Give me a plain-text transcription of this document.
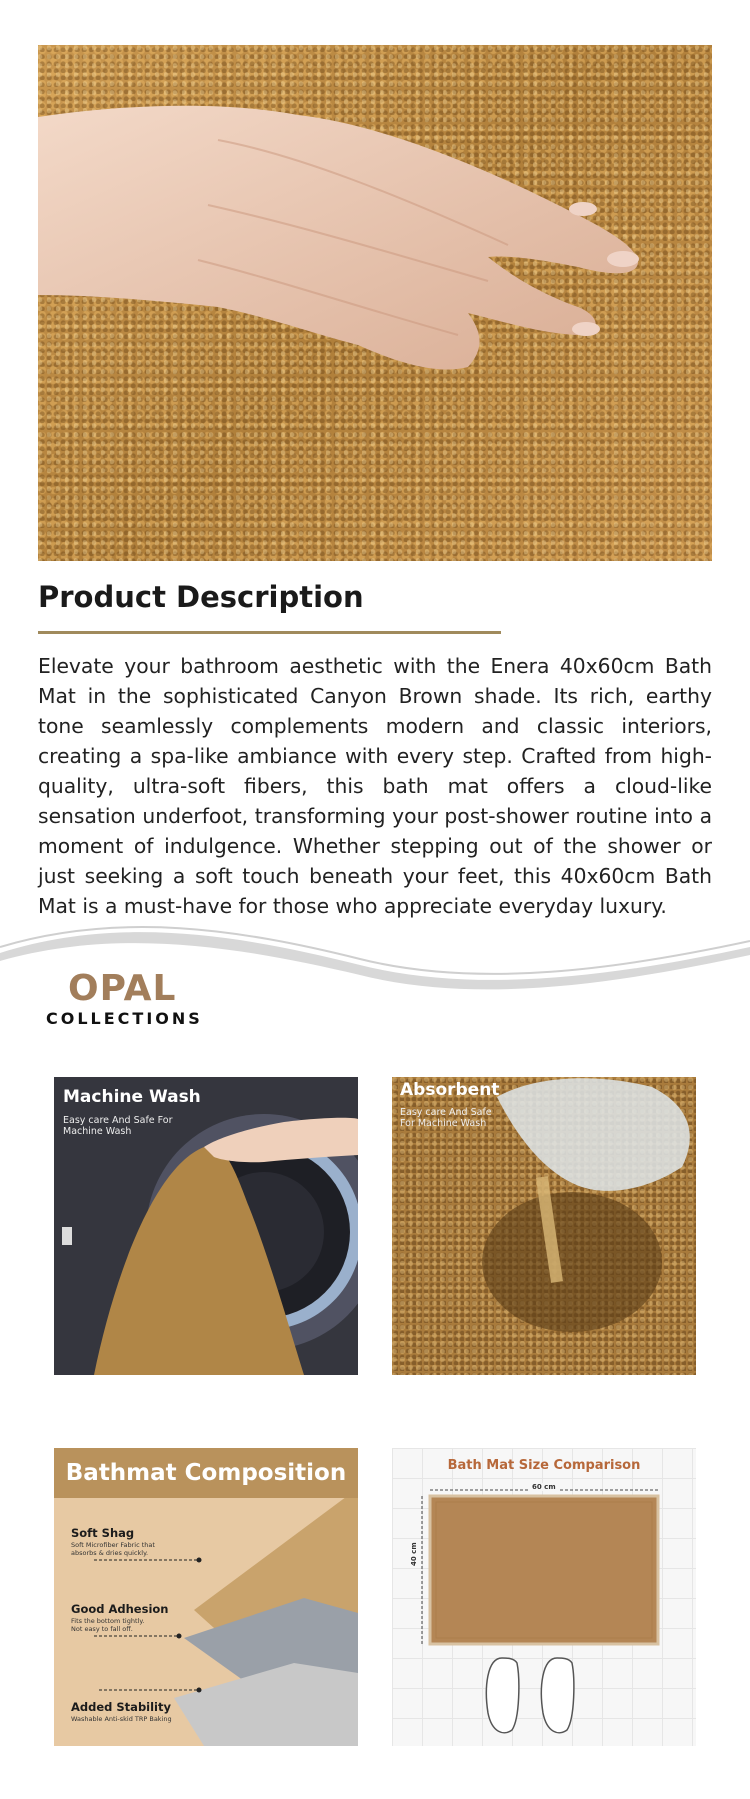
Product Description

Elevate your bathroom aesthetic with the Enera 40x60cm Bath Mat in the sophisticated Canyon Brown shade. Its rich, earthy tone seamlessly complements modern and classic interiors, creating a spa-like ambiance with every step. Crafted from high-quality, ultra-soft fibers, this bath mat offers a cloud-like sensation underfoot, transforming your post-shower routine into a moment of indulgence. Whether stepping out of the shower or just seeking a soft touch beneath your feet, this 40x60cm Bath Mat is a must-have for those who appreciate everyday luxury.

OPAL
COLLECTIONS
Machine Wash
Easy care And Safe For Machine Wash
Absorbent
Easy care And Safe For Machine Wash
Bathmat Composition
Soft Shag
Soft Microfiber Fabric that absorbs & dries quickly.
Good Adhesion
Fits the bottom tightly. Not easy to fall off.
Added Stability
Washable Anti-skid TRP Baking
Bath Mat Size Comparison
60 cm
40 cm
